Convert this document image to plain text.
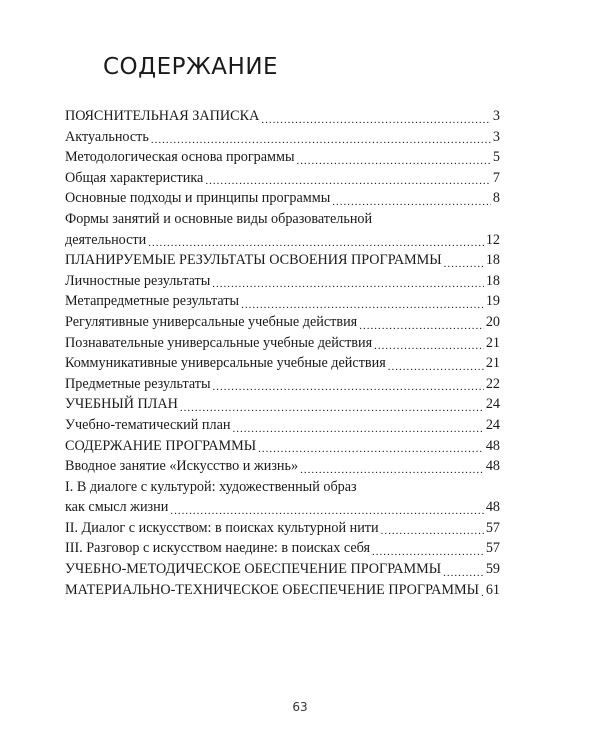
СОДЕРЖАНИЕ
ПОЯСНИТЕЛЬНАЯ ЗАПИСКА .....	3
Актуальность .....	3
Методологическая основа программы .....	5
Общая характеристика .....	7
Основные подходы и принципы программы .....	8
Формы занятий и основные виды образовательной
деятельности .....	12
ПЛАНИРУЕМЫЕ РЕЗУЛЬТАТЫ ОСВОЕНИЯ ПРОГРАММЫ .....	18
Личностные результаты .....	18
Метапредметные результаты .....	19
Регулятивные универсальные учебные действия .....	20
Познавательные универсальные учебные действия .....	21
Коммуникативные универсальные учебные действия .....	21
Предметные результаты .....	22
УЧЕБНЫЙ ПЛАН .....	24
Учебно-тематический план .....	24
СОДЕРЖАНИЕ ПРОГРАММЫ .....	48
Вводное занятие «Искусство и жизнь» .....	48
I. В диалоге с культурой: художественный образ
как смысл жизни .....	48
II. Диалог с искусством: в поисках культурной нити .....	57
III. Разговор с искусством наедине: в поисках себя .....	57
УЧЕБНО-МЕТОДИЧЕСКОЕ ОБЕСПЕЧЕНИЕ ПРОГРАММЫ .....	59
МАТЕРИАЛЬНО-ТЕХНИЧЕСКОЕ ОБЕСПЕЧЕНИЕ ПРОГРАММЫ ..... 61
63
